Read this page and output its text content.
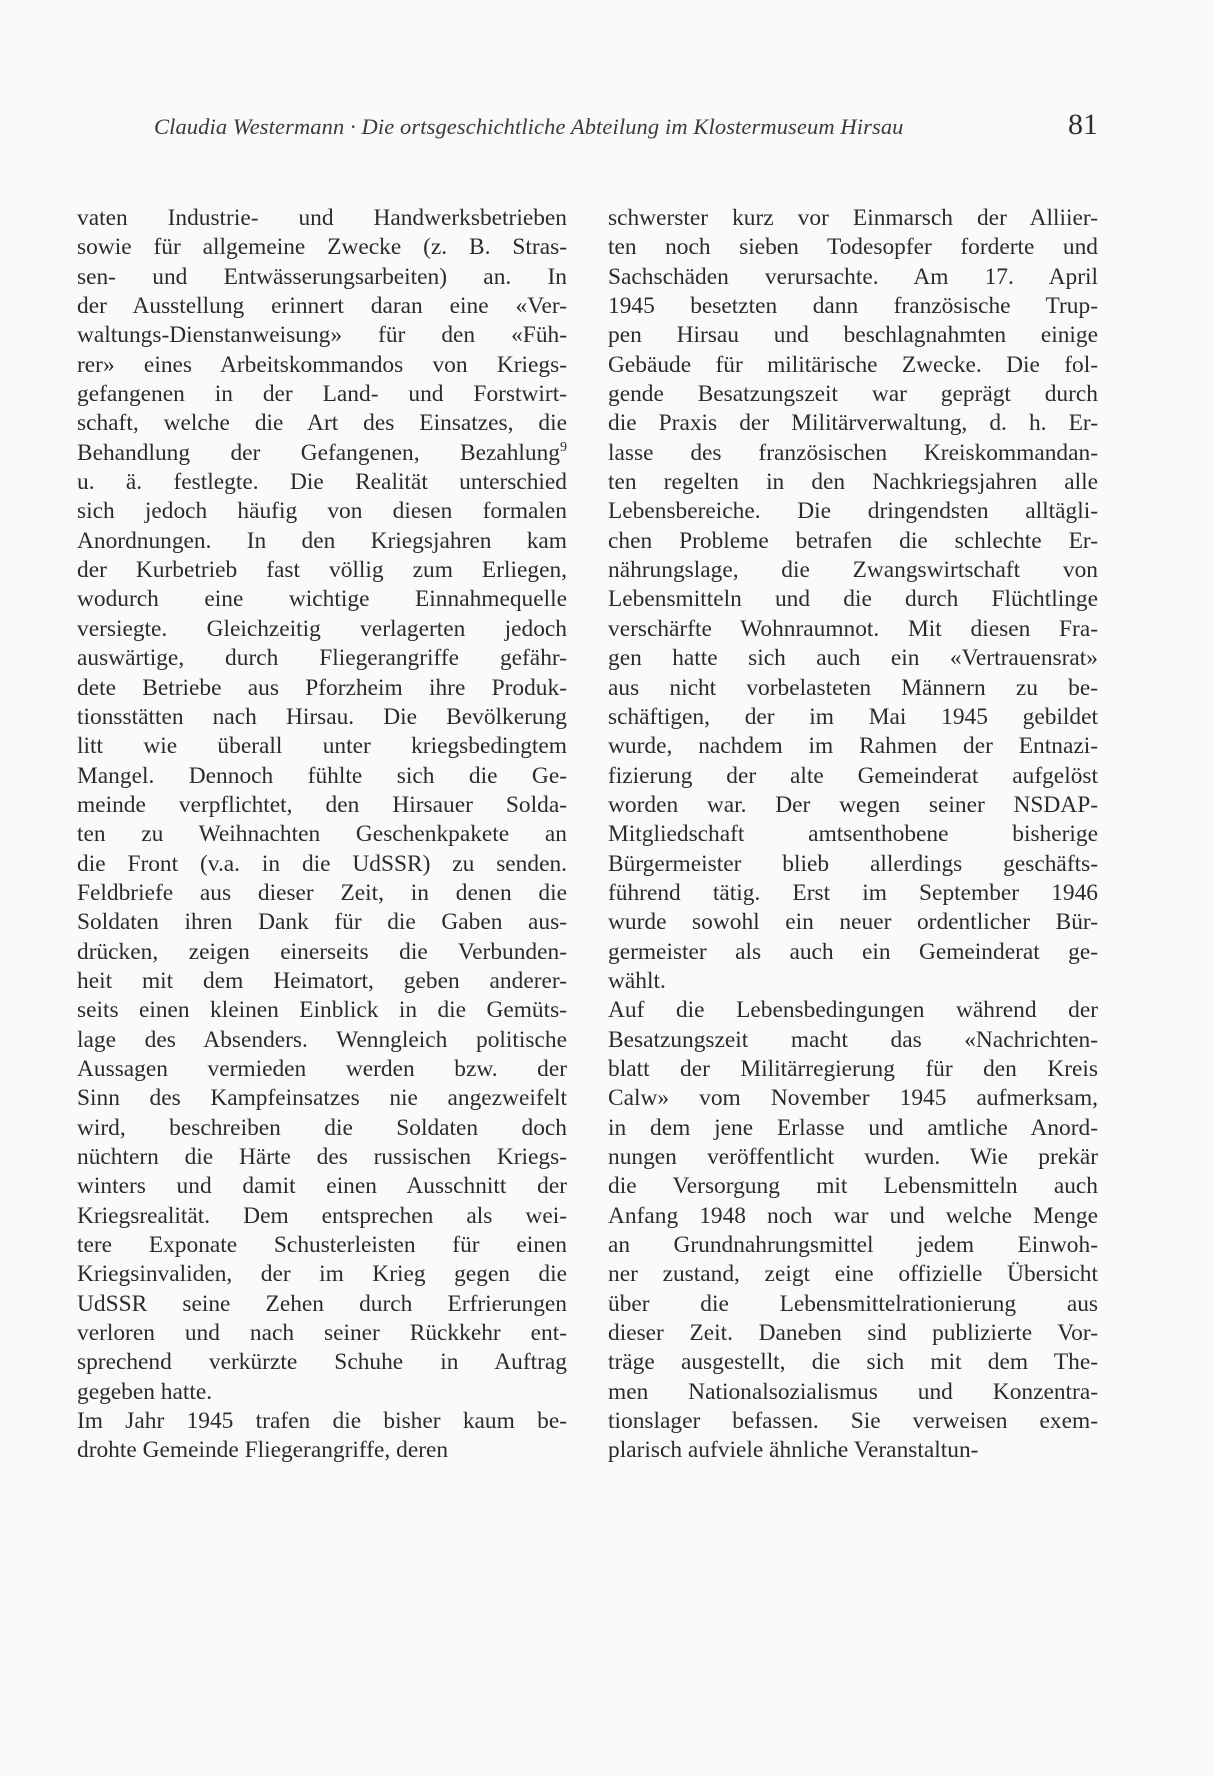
Claudia Westermann · Die ortsgeschichtliche Abteilung im Klostermuseum Hirsau	81
vaten Industrie- und Handwerksbetrieben
sowie für allgemeine Zwecke (z. B. Stras-
sen- und Entwässerungsarbeiten) an. In
der Ausstellung erinnert daran eine «Ver-
waltungs-Dienstanweisung» für den «Füh-
rer» eines Arbeitskommandos von Kriegs-
gefangenen in der Land- und Forstwirt-
schaft, welche die Art des Einsatzes, die
Behandlung der Gefangenen, Bezahlung$^9$
u. ä. festlegte. Die Realität unterschied
sich jedoch häufig von diesen formalen
Anordnungen. In den Kriegsjahren kam
der Kurbetrieb fast völlig zum Erliegen,
wodurch eine wichtige Einnahmequelle
versiegte. Gleichzeitig verlagerten jedoch
auswärtige, durch Fliegerangriffe gefähr-
dete Betriebe aus Pforzheim ihre Produk-
tionsstätten nach Hirsau. Die Bevölkerung
litt wie überall unter kriegsbedingtem
Mangel. Dennoch fühlte sich die Ge-
meinde verpflichtet, den Hirsauer Solda-
ten zu Weihnachten Geschenkpakete an
die Front (v.a. in die UdSSR) zu senden.
Feldbriefe aus dieser Zeit, in denen die
Soldaten ihren Dank für die Gaben aus-
drücken, zeigen einerseits die Verbunden-
heit mit dem Heimatort, geben anderer-
seits einen kleinen Einblick in die Gemüts-
lage des Absenders. Wenngleich politische
Aussagen vermieden werden bzw. der
Sinn des Kampfeinsatzes nie angezweifelt
wird, beschreiben die Soldaten doch
nüchtern die Härte des russischen Kriegs-
winters und damit einen Ausschnitt der
Kriegsrealität. Dem entsprechen als wei-
tere Exponate Schusterleisten für einen
Kriegsinvaliden, der im Krieg gegen die
UdSSR seine Zehen durch Erfrierungen
verloren und nach seiner Rückkehr ent-
sprechend verkürzte Schuhe in Auftrag
gegeben hatte.
Im Jahr 1945 trafen die bisher kaum be-
drohte Gemeinde Fliegerangriffe, deren
schwerster kurz vor Einmarsch der Alliier-
ten noch sieben Todesopfer forderte und
Sachschäden verursachte. Am 17. April
1945 besetzten dann französische Trup-
pen Hirsau und beschlagnahmten einige
Gebäude für militärische Zwecke. Die fol-
gende Besatzungszeit war geprägt durch
die Praxis der Militärverwaltung, d. h. Er-
lasse des französischen Kreiskommandan-
ten regelten in den Nachkriegsjahren alle
Lebensbereiche. Die dringendsten alltägli-
chen Probleme betrafen die schlechte Er-
nährungslage, die Zwangswirtschaft von
Lebensmitteln und die durch Flüchtlinge
verschärfte Wohnraumnot. Mit diesen Fra-
gen hatte sich auch ein «Vertrauensrat»
aus nicht vorbelasteten Männern zu be-
schäftigen, der im Mai 1945 gebildet
wurde, nachdem im Rahmen der Entnazi-
fizierung der alte Gemeinderat aufgelöst
worden war. Der wegen seiner NSDAP-
Mitgliedschaft amtsenthobene bisherige
Bürgermeister blieb allerdings geschäfts-
führend tätig. Erst im September 1946
wurde sowohl ein neuer ordentlicher Bür-
germeister als auch ein Gemeinderat ge-
wählt.
Auf die Lebensbedingungen während der
Besatzungszeit macht das «Nachrichten-
blatt der Militärregierung für den Kreis
Calw» vom November 1945 aufmerksam,
in dem jene Erlasse und amtliche Anord-
nungen veröffentlicht wurden. Wie prekär
die Versorgung mit Lebensmitteln auch
Anfang 1948 noch war und welche Menge
an Grundnahrungsmittel jedem Einwoh-
ner zustand, zeigt eine offizielle Übersicht
über die Lebensmittelrationierung aus
dieser Zeit. Daneben sind publizierte Vor-
träge ausgestellt, die sich mit dem The-
men Nationalsozialismus und Konzentra-
tionslager befassen. Sie verweisen exem-
plarisch aufviele ähnliche Veranstaltun-
